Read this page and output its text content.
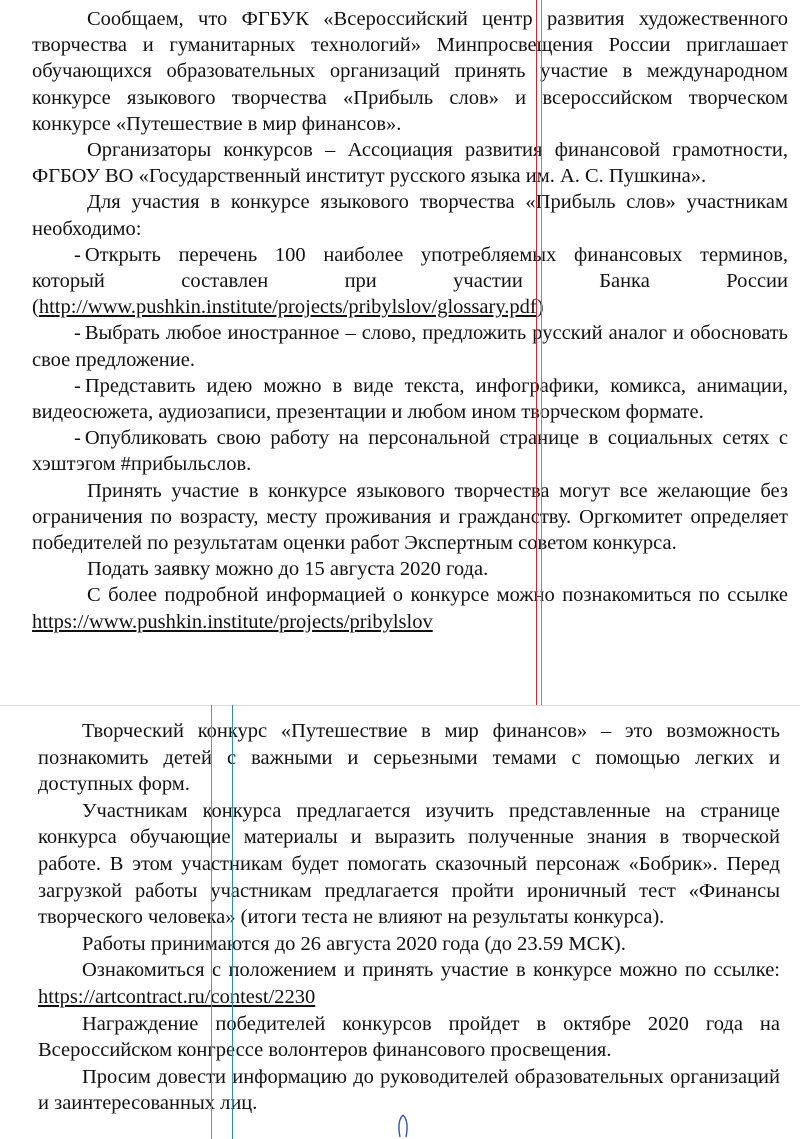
Сообщаем, что ФГБУК «Всероссийский центр развития художественного творчества и гуманитарных технологий» Минпросвещения России приглашает обучающихся образовательных организаций принять участие в международном конкурсе языкового творчества «Прибыль слов» и всероссийском творческом конкурсе «Путешествие в мир финансов».

Организаторы конкурсов – Ассоциация развития финансовой грамотности, ФГБОУ ВО «Государственный институт русского языка им. А. С. Пушкина».

Для участия в конкурсе языкового творчества «Прибыль слов» участникам необходимо:

- Открыть перечень 100 наиболее употребляемых финансовых терминов, который составлен при участии Банка России (http://www.pushkin.institute/projects/pribylslov/glossary.pdf)

- Выбрать любое иностранное – слово, предложить русский аналог и обосновать свое предложение.

- Представить идею можно в виде текста, инфографики, комикса, анимации, видеосюжета, аудиозаписи, презентации и любом ином творческом формате.

- Опубликовать свою работу на персональной странице в социальных сетях с хэштэгом #прибыльслов.

Принять участие в конкурсе языкового творчества могут все желающие без ограничения по возрасту, месту проживания и гражданству. Оргкомитет определяет победителей по результатам оценки работ Экспертным советом конкурса.

Подать заявку можно до 15 августа 2020 года.

С более подробной информацией о конкурсе можно познакомиться по ссылке https://www.pushkin.institute/projects/pribylslov

Творческий конкурс «Путешествие в мир финансов» – это возможность познакомить детей с важными и серьезными темами с помощью легких и доступных форм.

Участникам конкурса предлагается изучить представленные на странице конкурса обучающие материалы и выразить полученные знания в творческой работе. В этом участникам будет помогать сказочный персонаж «Бобрик». Перед загрузкой работы участникам предлагается пройти ироничный тест «Финансы творческого человека» (итоги теста не влияют на результаты конкурса).

Работы принимаются до 26 августа 2020 года (до 23.59 МСК).

Ознакомиться с положением и принять участие в конкурсе можно по ссылке: https://artcontract.ru/contest/2230

Награждение победителей конкурсов пройдет в октябре 2020 года на Всероссийском конгрессе волонтеров финансового просвещения.

Просим довести информацию до руководителей образовательных организаций и заинтересованных лиц.
